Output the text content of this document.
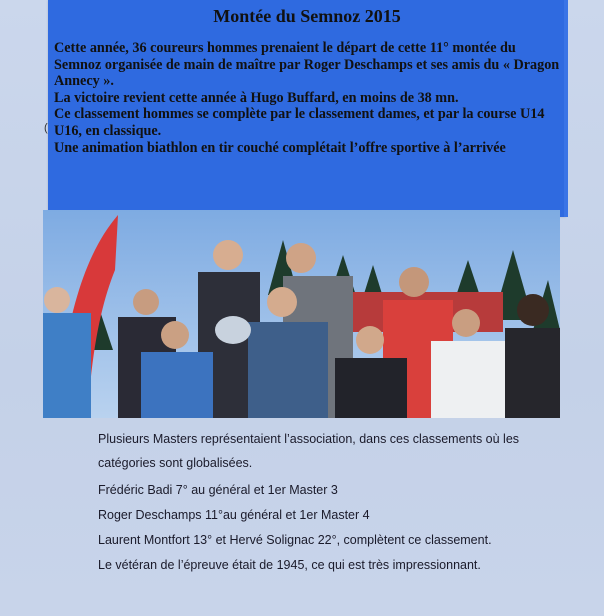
Montée du Semnoz 2015

Cette année, 36 coureurs hommes prenaient le départ de cette 11° montée du Semnoz organisée de main de maître par Roger Deschamps et ses amis du « Dragon Annecy ».

La victoire revient cette année à Hugo Buffard, en moins de 38 mn.

Ce classement hommes se complète par le classement dames, et par la course U14 U16, en classique.

Une animation biathlon en tir couché complétait l’offre sportive à l’arrivée

(

Plusieurs Masters représentaient l’association, dans ces classements où les catégories sont globalisées.

Frédéric Badi 7° au général et 1er Master 3

Roger Deschamps 11°au général et 1er Master 4

Laurent Montfort 13° et Hervé Solignac 22°, complètent ce classement.

Le vétéran de l’épreuve était de 1945, ce qui est très impressionnant.
